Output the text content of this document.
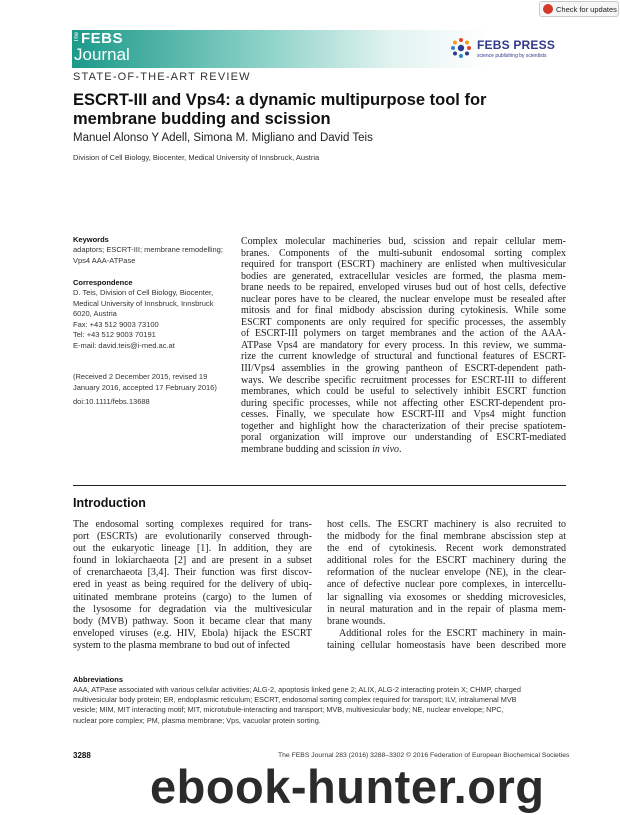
Check for updates
The FEBS
Journal	FEBS PRESS
science publishing by scientists
STATE-OF-THE-ART REVIEW
ESCRT-III and Vps4: a dynamic multipurpose tool for
membrane budding and scission
Manuel Alonso Y Adell, Simona M. Migliano and David Teis
Division of Cell Biology, Biocenter, Medical University of Innsbruck, Austria
Keywords
adaptors; ESCRT-III; membrane remodelling;
Vps4 AAA-ATPase
Correspondence
D. Teis, Division of Cell Biology, Biocenter,
Medical University of Innsbruck, Innsbruck
6020, Austria
Fax: +43 512 9003 73100
Tel: +43 512 9003 70191
E-mail: david.teis@i-med.ac.at
(Received 2 December 2015, revised 19
January 2016, accepted 17 February 2016)
doi:10.1111/febs.13688
Complex molecular machineries bud, scission and repair cellular mem-
branes. Components of the multi-subunit endosomal sorting complex
required for transport (ESCRT) machinery are enlisted when multivesicular
bodies are generated, extracellular vesicles are formed, the plasma mem-
brane needs to be repaired, enveloped viruses bud out of host cells, defective
nuclear pores have to be cleared, the nuclear envelope must be resealed after
mitosis and for final midbody abscission during cytokinesis. While some
ESCRT components are only required for specific processes, the assembly
of ESCRT-III polymers on target membranes and the action of the AAA-
ATPase Vps4 are mandatory for every process. In this review, we summa-
rize the current knowledge of structural and functional features of ESCRT-
III/Vps4 assemblies in the growing pantheon of ESCRT-dependent path-
ways. We describe specific recruitment processes for ESCRT-III to different
membranes, which could be useful to selectively inhibit ESCRT function
during specific processes, while not affecting other ESCRT-dependent pro-
cesses. Finally, we speculate how ESCRT-III and Vps4 might function
together and highlight how the characterization of their precise spatiotem-
poral organization will improve our understanding of ESCRT-mediated
membrane budding and scission in vivo.
Introduction
The endosomal sorting complexes required for trans-
port (ESCRTs) are evolutionarily conserved through-
out the eukaryotic lineage [1]. In addition, they are
found in lokiarchaeota [2] and are present in a subset
of crenarchaeota [3,4]. Their function was first discov-
ered in yeast as being required for the delivery of ubiq-
uitinated membrane proteins (cargo) to the lumen of
the lysosome for degradation via the multivesicular
body (MVB) pathway. Soon it became clear that many
enveloped viruses (e.g. HIV, Ebola) hijack the ESCRT
system to the plasma membrane to bud out of infected
host cells. The ESCRT machinery is also recruited to
the midbody for the final membrane abscission step at
the end of cytokinesis. Recent work demonstrated
additional roles for the ESCRT machinery during the
reformation of the nuclear envelope (NE), in the clear-
ance of defective nuclear pore complexes, in intercellu-
lar signalling via exosomes or shedding microvesicles,
in neural maturation and in the repair of plasma mem-
brane wounds.
Additional roles for the ESCRT machinery in main-
taining cellular homeostasis have been described more
Abbreviations
AAA, ATPase associated with various cellular activities; ALG-2, apoptosis linked gene 2; ALIX, ALG-2 interacting protein X; CHMP, charged
multivesicular body protein; ER, endoplasmic reticulum; ESCRT, endosomal sorting complex required for transport; ILV, intralumenal MVB
vesicle; MIM, MIT interacting motif; MIT, microtubule-interacting and transport; MVB, multivesicular body; NE, nuclear envelope; NPC,
nuclear pore complex; PM, plasma membrane; Vps, vacuolar protein sorting.
3288	The FEBS Journal 283 (2016) 3288–3302 © 2016 Federation of European Biochemical Societies
ebook-hunter.org
